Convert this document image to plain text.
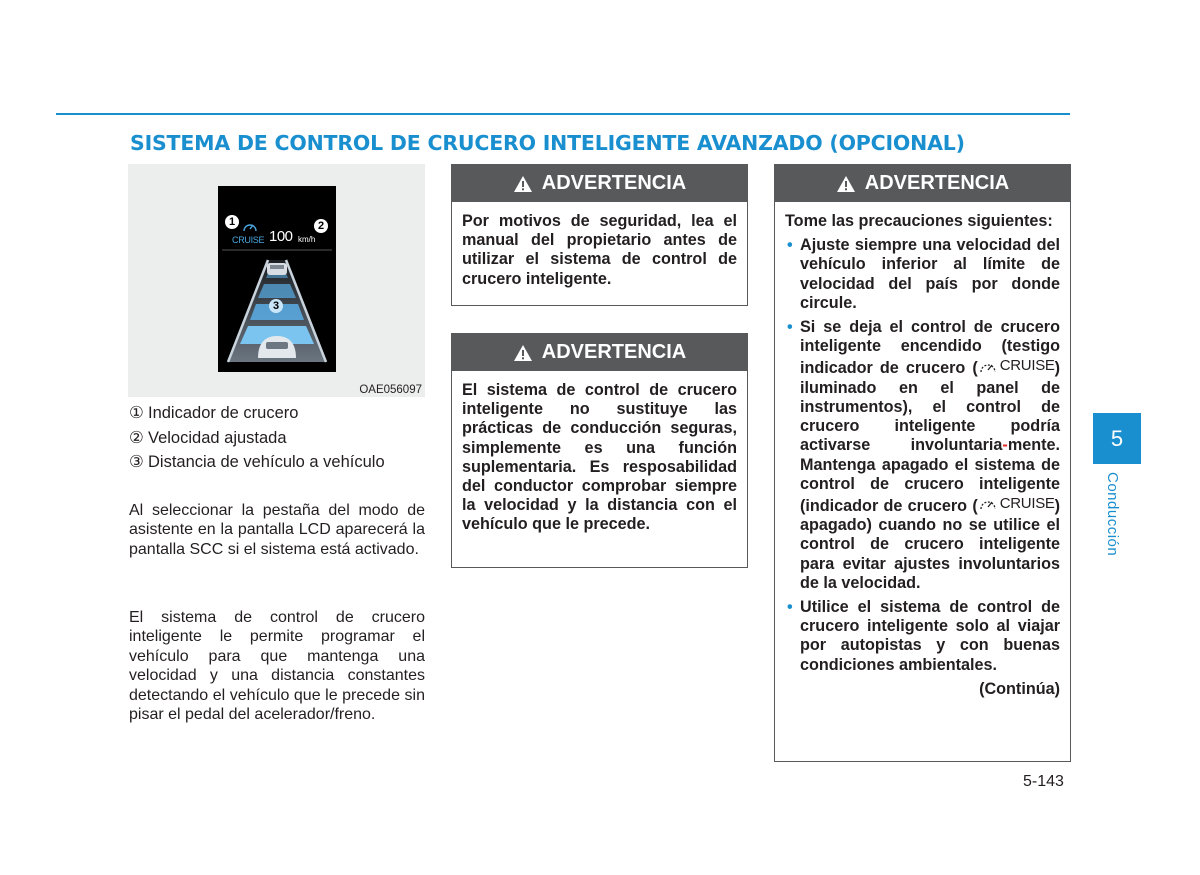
SISTEMA DE CONTROL DE CRUCERO INTELIGENTE AVANZADO (OPCIONAL)
CRUISE 100 km/h
1	2
3
OAE056097
① Indicador de crucero
② Velocidad ajustada
③ Distancia de vehículo a vehículo

Al seleccionar la pestaña del modo de asistente en la pantalla LCD aparecerá la pantalla SCC si el sistema está activado.

El sistema de control de crucero inteligente le permite programar el vehículo para que mantenga una velocidad y una distancia constantes detectando el vehículo que le precede sin pisar el pedal del acelerador/freno.

ADVERTENCIA
Por motivos de seguridad, lea el manual del propietario antes de utilizar el sistema de control de crucero inteligente.
ADVERTENCIA
El sistema de control de crucero inteligente no sustituye las prácticas de conducción seguras, simplemente es una función suplementaria. Es resposabilidad del conductor comprobar siempre la velocidad y la distancia con el vehículo que le precede.
ADVERTENCIA
Tome las precauciones siguientes:
• Ajuste siempre una velocidad del vehículo inferior al límite de velocidad del país por donde circule.
• Si se deja el control de crucero inteligente encendido (testigo indicador de crucero ( CRUISE ) iluminado en el panel de instrumentos), el control de crucero inteligente podría activarse involuntaria-mente. Mantenga apagado el sistema de control de crucero inteligente (indicador de crucero ( CRUISE ) apagado) cuando no se utilice el control de crucero inteligente para evitar ajustes involuntarios de la velocidad.
• Utilice el sistema de control de crucero inteligente solo al viajar por autopistas y con buenas condiciones ambientales.
(Continúa)
5
Conducción
5-143
